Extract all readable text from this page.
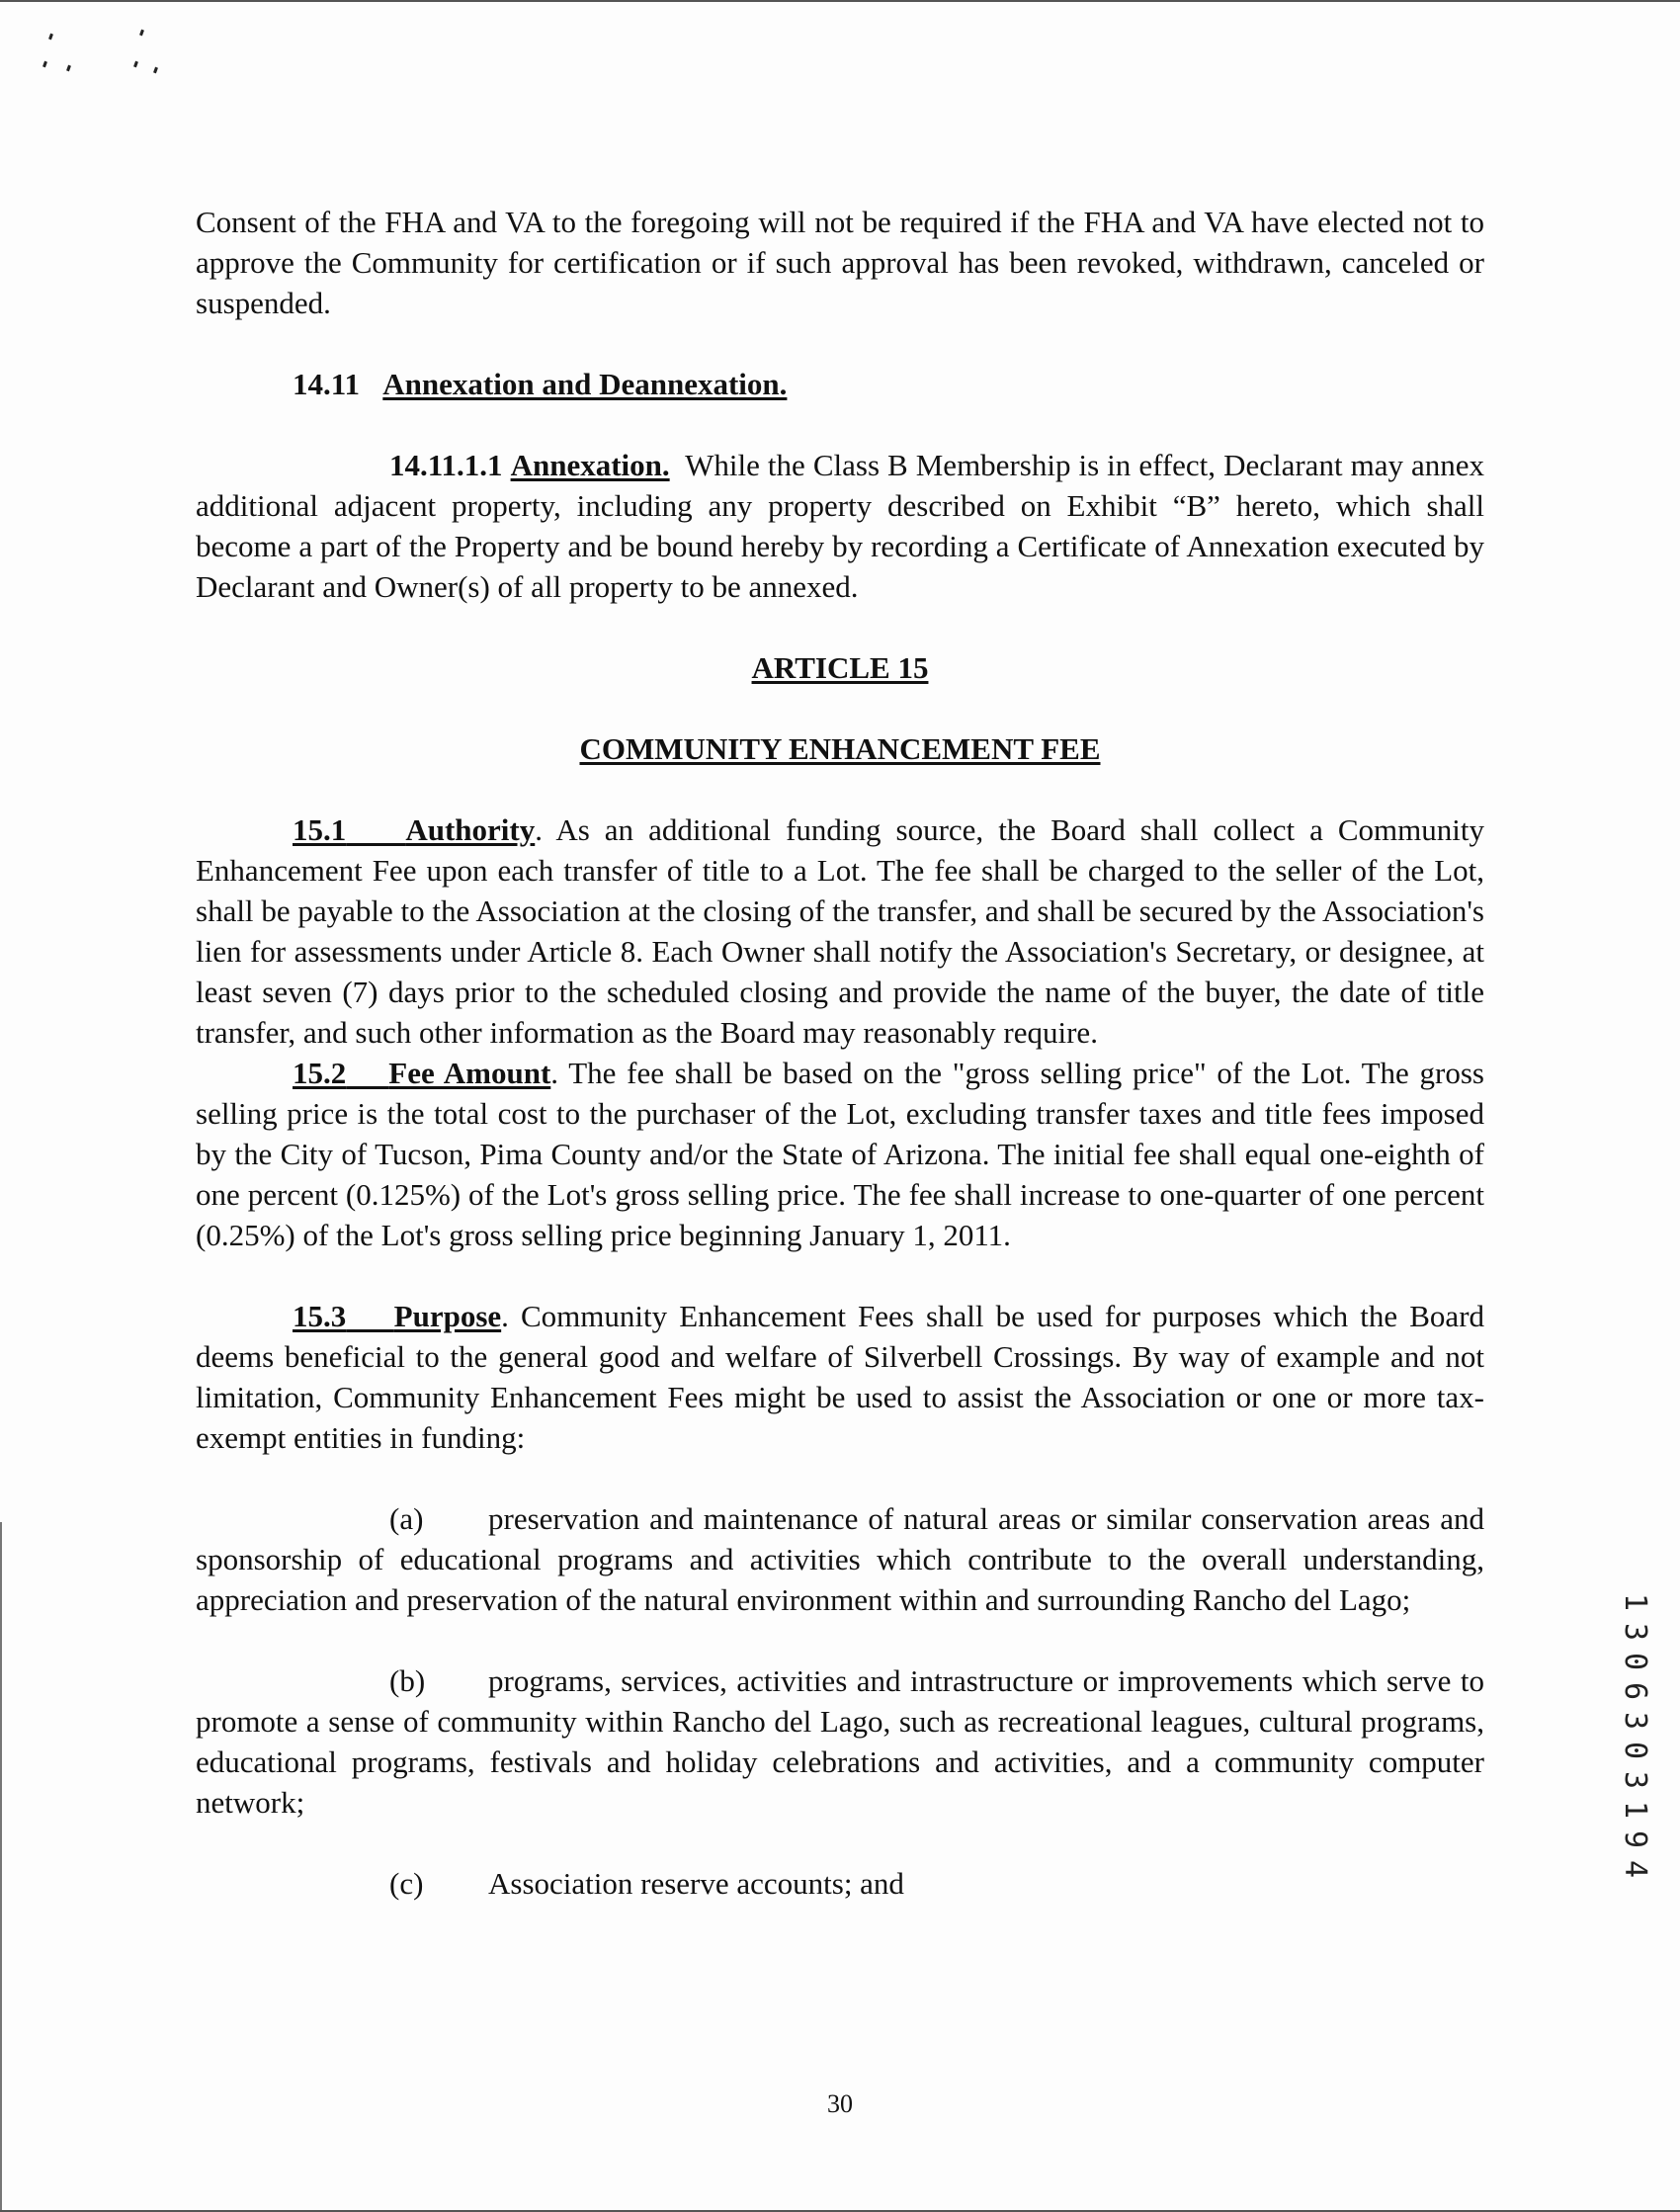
Consent of the FHA and VA to the foregoing will not be required if the FHA and VA have elected not to approve the Community for certification or if such approval has been revoked, withdrawn, canceled or suspended.

14.11 Annexation and Deannexation.

14.11.1.1 Annexation. While the Class B Membership is in effect, Declarant may annex additional adjacent property, including any property described on Exhibit “B” hereto, which shall become a part of the Property and be bound hereby by recording a Certificate of Annexation executed by Declarant and Owner(s) of all property to be annexed.

ARTICLE 15

COMMUNITY ENHANCEMENT FEE

15.1 Authority. As an additional funding source, the Board shall collect a Community Enhancement Fee upon each transfer of title to a Lot. The fee shall be charged to the seller of the Lot, shall be payable to the Association at the closing of the transfer, and shall be secured by the Association's lien for assessments under Article 8. Each Owner shall notify the Association's Secretary, or designee, at least seven (7) days prior to the scheduled closing and provide the name of the buyer, the date of title transfer, and such other information as the Board may reasonably require.

15.2 Fee Amount. The fee shall be based on the "gross selling price" of the Lot. The gross selling price is the total cost to the purchaser of the Lot, excluding transfer taxes and title fees imposed by the City of Tucson, Pima County and/or the State of Arizona. The initial fee shall equal one-eighth of one percent (0.125%) of the Lot's gross selling price. The fee shall increase to one-quarter of one percent (0.25%) of the Lot's gross selling price beginning January 1, 2011.

15.3 Purpose. Community Enhancement Fees shall be used for purposes which the Board deems beneficial to the general good and welfare of Silverbell Crossings. By way of example and not limitation, Community Enhancement Fees might be used to assist the Association or one or more tax-exempt entities in funding:

(a) preservation and maintenance of natural areas or similar conservation areas and sponsorship of educational programs and activities which contribute to the overall understanding, appreciation and preservation of the natural environment within and surrounding Rancho del Lago;

(b) programs, services, activities and intrastructure or improvements which serve to promote a sense of community within Rancho del Lago, such as recreational leagues, cultural programs, educational programs, festivals and holiday celebrations and activities, and a community computer network;

(c) Association reserve accounts; and

1
3
0
6
3
0
3
1
9
4
30
